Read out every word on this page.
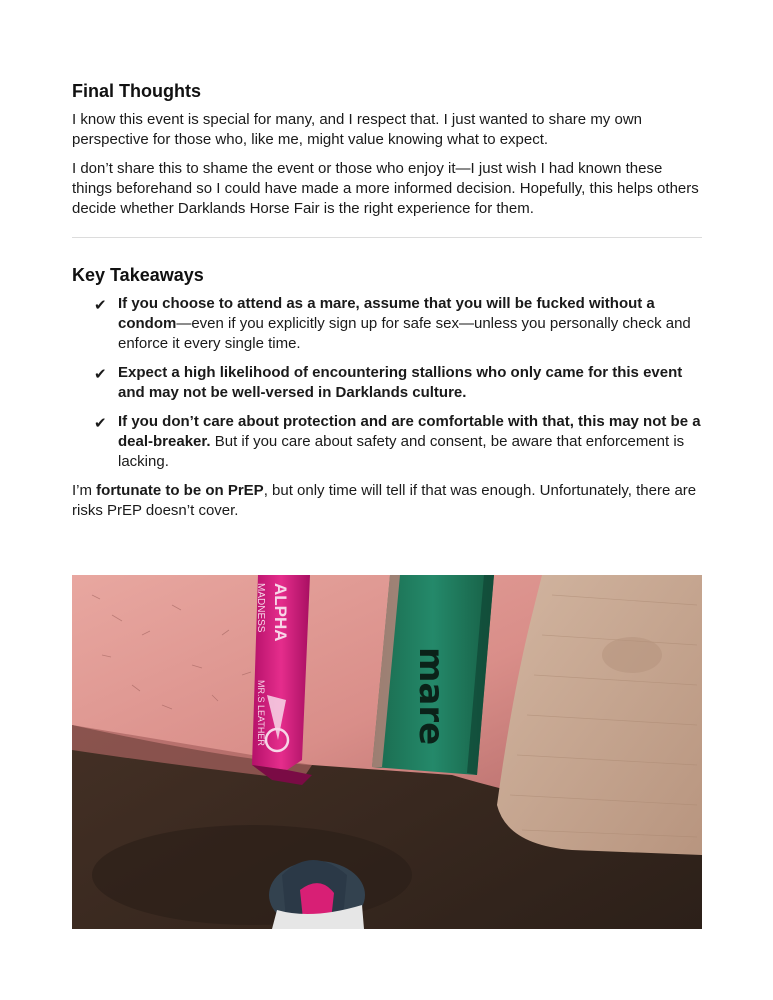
Final Thoughts

I know this event is special for many, and I respect that. I just wanted to share my own perspective for those who, like me, might value knowing what to expect.

I don’t share this to shame the event or those who enjoy it—I just wish I had known these things beforehand so I could have made a more informed decision. Hopefully, this helps others decide whether Darklands Horse Fair is the right experience for them.

Key Takeaways
✔ If you choose to attend as a mare, assume that you will be fucked without a condom—even if you explicitly sign up for safe sex—unless you personally check and enforce it every single time.
✔ Expect a high likelihood of encountering stallions who only came for this event and may not be well-versed in Darklands culture.
✔ If you don’t care about protection and are comfortable with that, this may not be a deal-breaker. But if you care about safety and consent, be aware that enforcement is lacking.

I’m fortunate to be on PrEP, but only time will tell if that was enough. Unfortunately, there are risks PrEP doesn’t cover.

ALPHA
MADNESS
MR.S LEATHER	mare
